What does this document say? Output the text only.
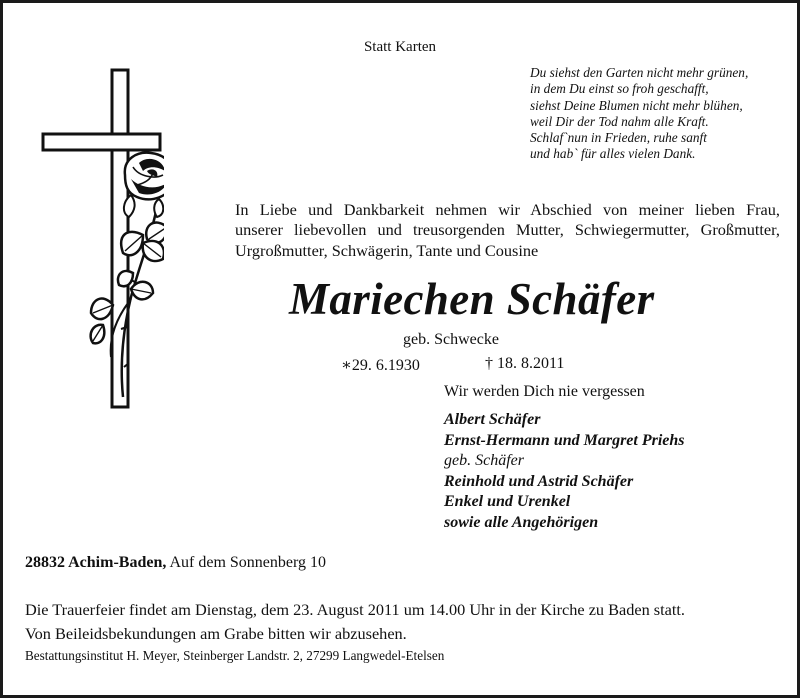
Statt Karten
Du siehst den Garten nicht mehr grünen,
in dem Du einst so froh geschafft,
siehst Deine Blumen nicht mehr blühen,
weil Dir der Tod nahm alle Kraft.
Schlaf`nun in Frieden, ruhe sanft
und hab` für alles vielen Dank.
In Liebe und Dankbarkeit nehmen wir Abschied von meiner lieben Frau,
unserer liebevollen und treusorgenden Mutter, Schwiegermutter, Großmutter,
Urgroßmutter, Schwägerin, Tante und Cousine
Mariechen Schäfer
geb. Schwecke
∗29. 6.1930	† 18. 8.2011
Wir werden Dich nie vergessen
Albert Schäfer
Ernst-Hermann und Margret Priehs
geb. Schäfer
Reinhold und Astrid Schäfer
Enkel und Urenkel
sowie alle Angehörigen
28832 Achim-Baden, Auf dem Sonnenberg 10
Die Trauerfeier findet am Dienstag, dem 23. August 2011 um 14.00 Uhr in der Kirche zu Baden statt.
Von Beileidsbekundungen am Grabe bitten wir abzusehen.
Bestattungsinstitut H. Meyer, Steinberger Landstr. 2, 27299 Langwedel-Etelsen
